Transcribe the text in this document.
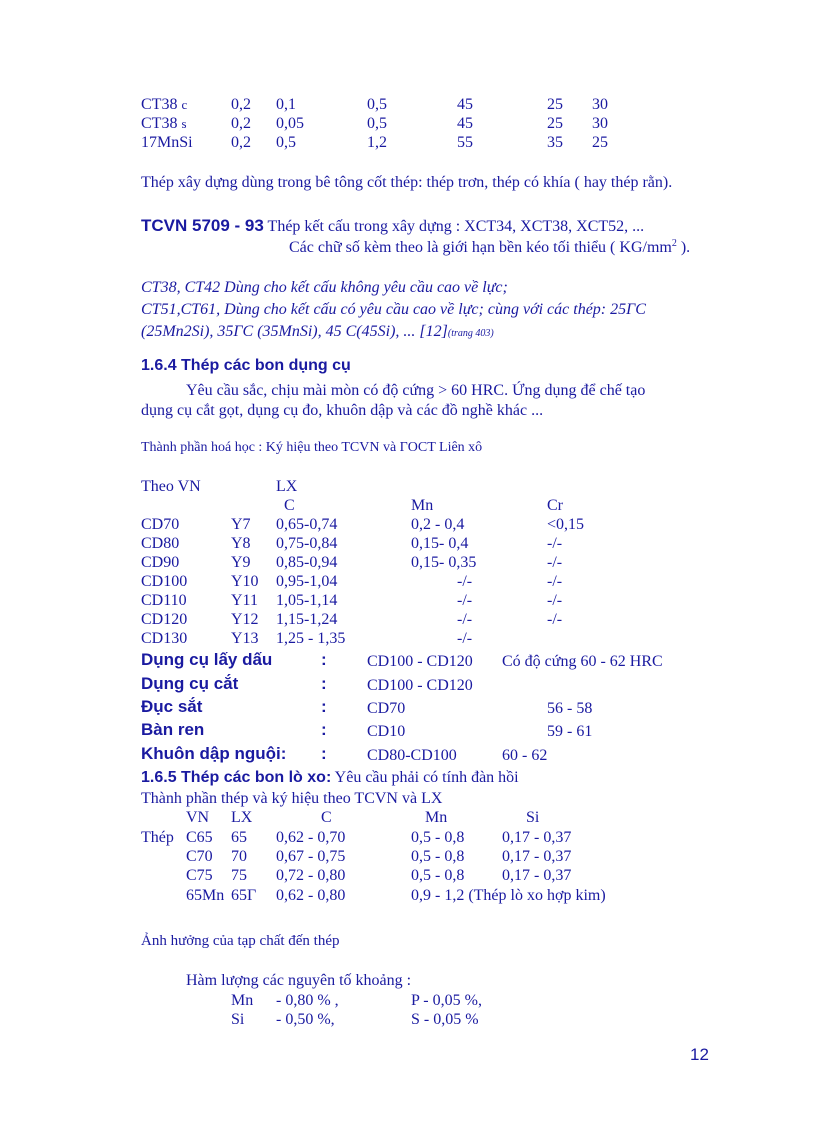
CT38 c	0,2 0,1	0,5	45	25 30
CT38 s	0,2 0,05	0,5	45	25 30
17MnSi 0,2 0,5	1,2	55	35 25
Thép xây dựng dùng trong bê tông cốt thép: thép trơn, thép có khía ( hay thép rằn).
TCVN 5709 - 93 Thép kết cấu trong xây dựng : XCT34, XCT38, XCT52, ...
Các chữ số kèm theo là giới hạn bền kéo tối thiểu ( $KG/mm^2$ ).
CT38, CT42 Dùng cho kết cấu không yêu cầu cao về lực;
CT51,CT61, Dùng cho kết cấu có yêu cầu cao về lực; cùng với các thép: 25ΓC
(25Mn2Si), 35ΓC (35MnSi), 45 C(45Si), ... [12](trang 403)
1.6.4 Thép các bon dụng cụ
Yêu cầu sắc, chịu mài mòn có độ cứng > 60 HRC. Ứng dụng để chế tạo
dụng cụ cắt gọt, dụng cụ đo, khuôn dập và các đồ nghề khác ...
Thành phần hoá học : Ký hiệu theo TCVN và ΓOCT Liên xô
Theo VN	LX
C	Mn	Cr
CD70	Y7 0,65-0,74	0,2 - 0,4	<0,15
CD80	Y8 0,75-0,84	0,15- 0,4	-/-
CD90	Y9 0,85-0,94	0,15- 0,35	-/-
CD100	Y10 0,95-1,04	-/-	-/-
CD110	Y11 1,05-1,14	-/-	-/-
CD120	Y12 1,15-1,24	-/-	-/-
CD130	Y13 1,25 - 1,35	-/-
Dụng cụ lấy dấu	:	CD100 - CD120 Có độ cứng 60 - 62 HRC
Dụng cụ cắt	:	CD100 - CD120
Đục sắt	:	CD70	56 - 58
Bàn ren	:	CD10	59 - 61
Khuôn dập nguội: :	CD80-CD100	60 - 62
1.6.5 Thép các bon lò xo: Yêu cầu phải có tính đàn hồi
Thành phần thép và ký hiệu theo TCVN và LX
VN LX	C	Mn	Si
Thép C65 65 0,62 - 0,70	0,5 - 0,8 0,17 - 0,37
C70 70 0,67 - 0,75	0,5 - 0,8 0,17 - 0,37
C75 75 0,72 - 0,80	0,5 - 0,8 0,17 - 0,37
65Mn 65Γ 0,62 - 0,80	0,9 - 1,2 (Thép lò xo hợp kim)
Ảnh hưởng của tạp chất đến thép
Hàm lượng các nguyên tố khoảng :
Mn - 0,80 % ,	P - 0,05 %,
Si - 0,50 %,	S - 0,05 %
12
